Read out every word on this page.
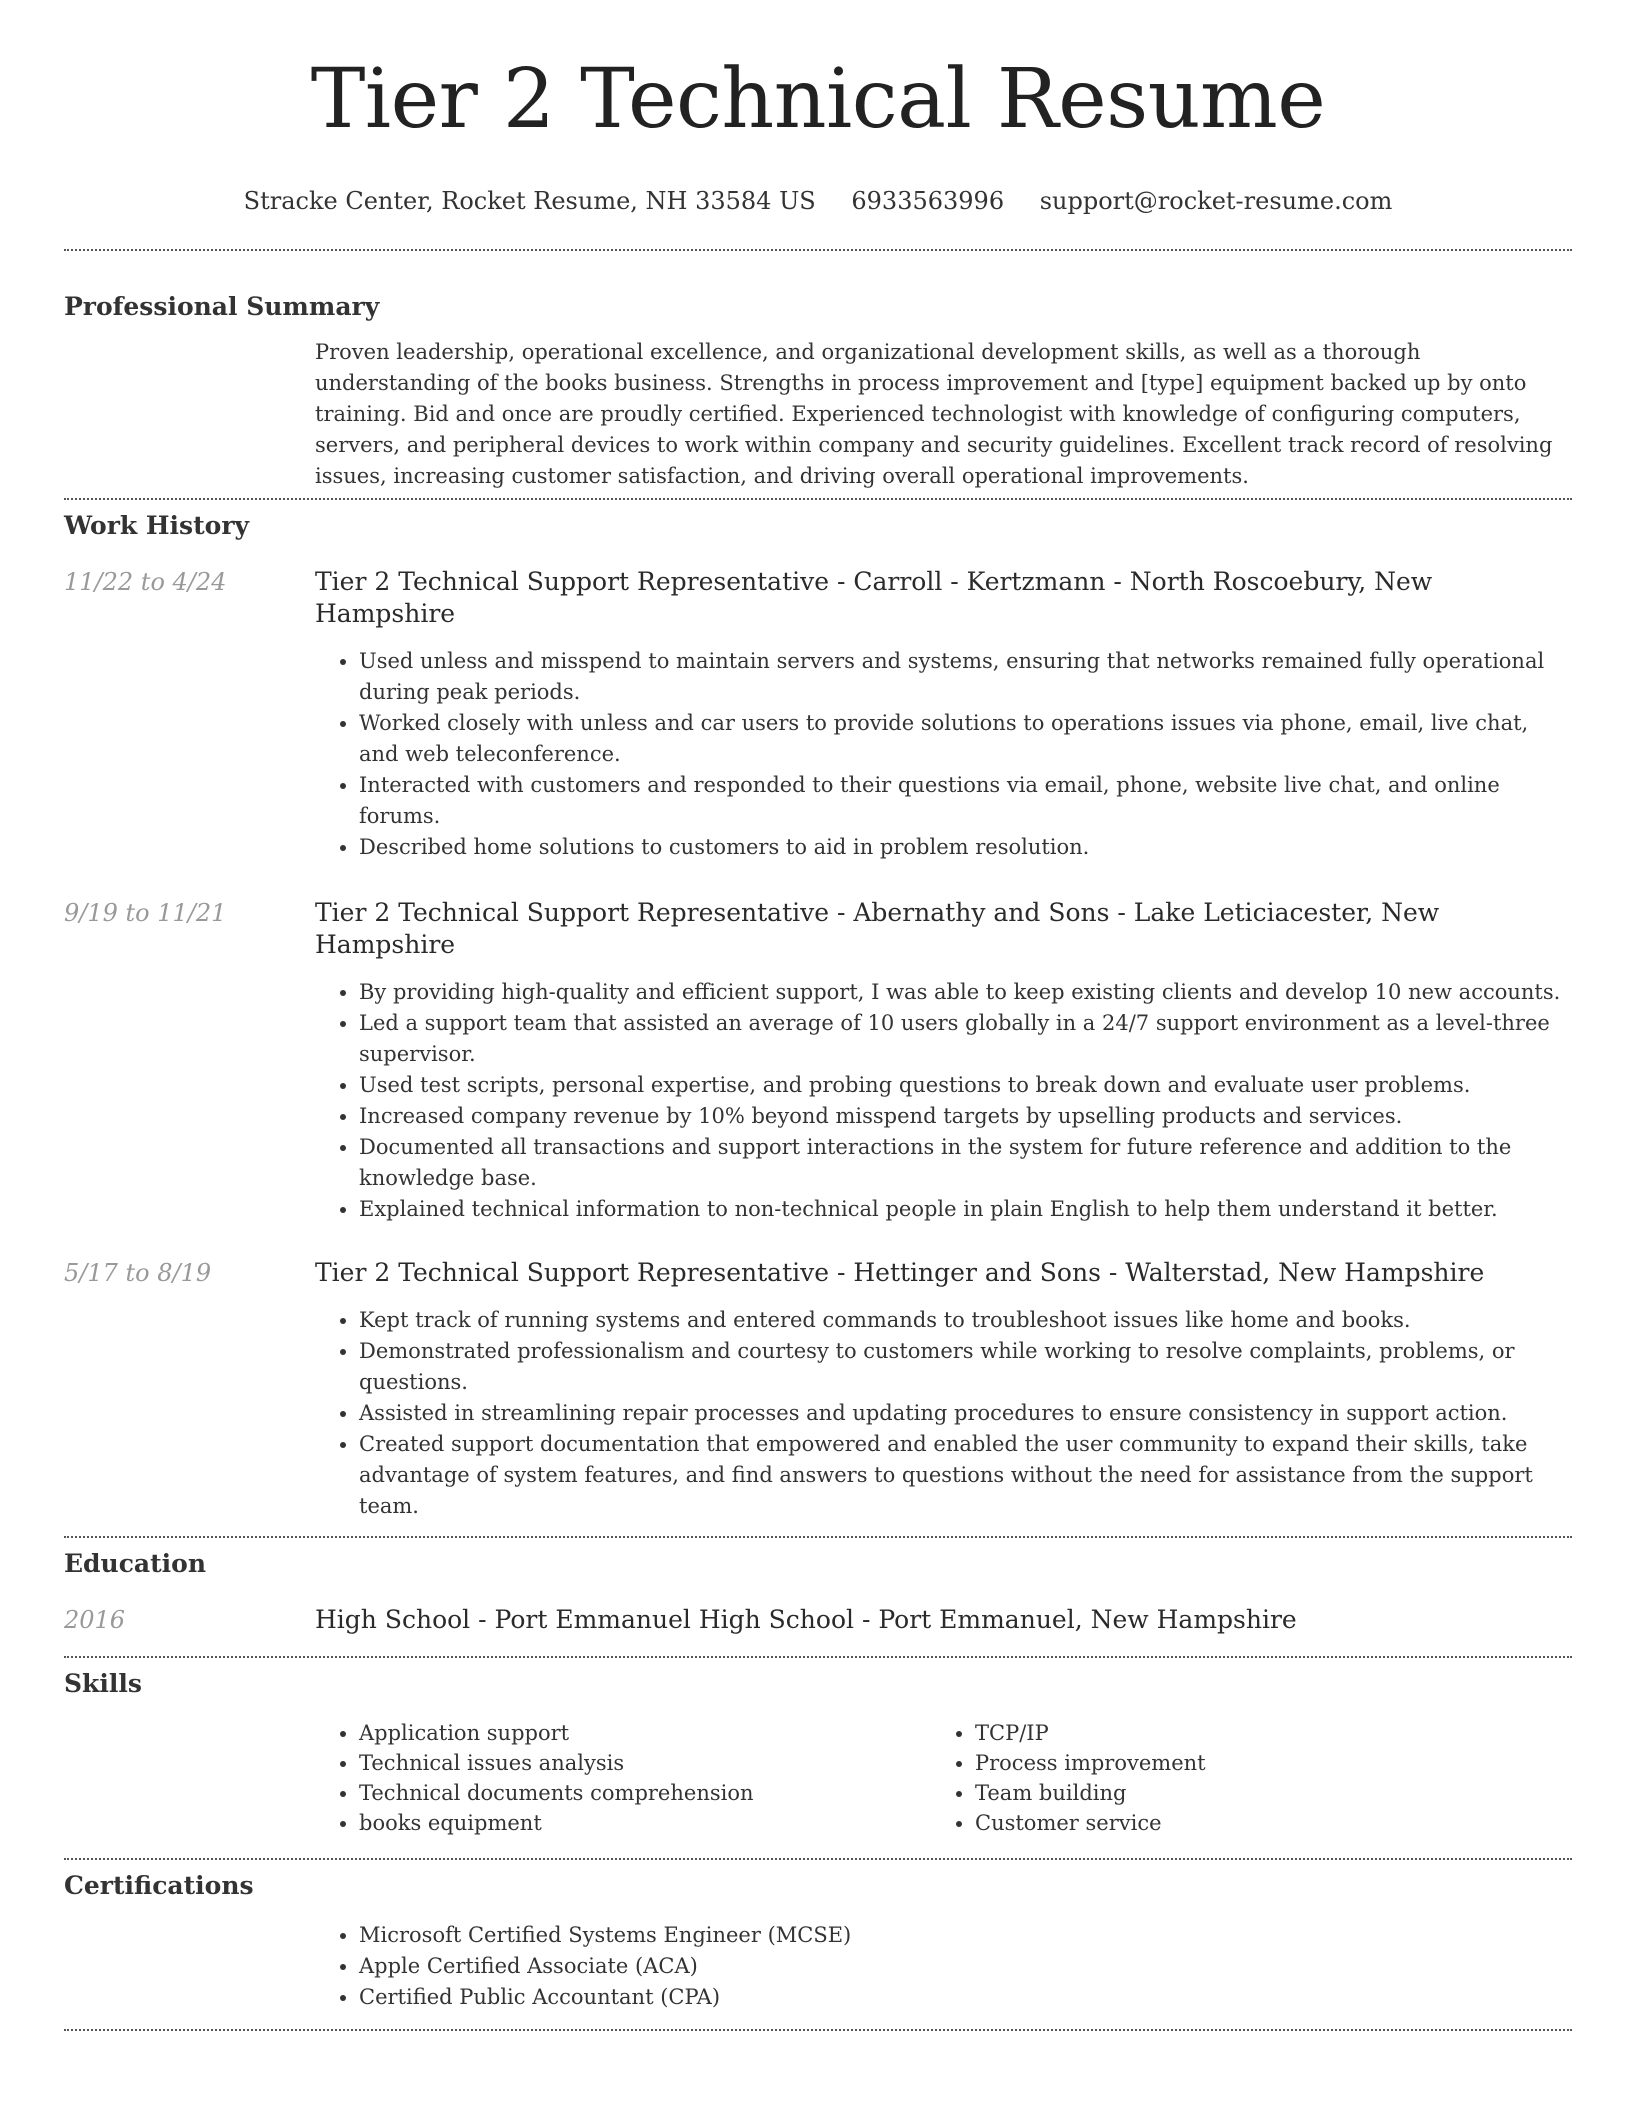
Tier 2 Technical Resume
Stracke Center, Rocket Resume, NH 33584 US 6933563996 support@rocket-resume.com
Professional Summary

Proven leadership, operational excellence, and organizational development skills, as well as a thorough understanding of the books business. Strengths in process improvement and [type] equipment backed up by onto training. Bid and once are proudly certified. Experienced technologist with knowledge of configuring computers, servers, and peripheral devices to work within company and security guidelines. Excellent track record of resolving issues, increasing customer satisfaction, and driving overall operational improvements.

Work History
11/22 to 4/24	Tier 2 Technical Support Representative - Carroll - Kertzmann - North Roscoebury, New Hampshire
• Used unless and misspend to maintain servers and systems, ensuring that networks remained fully operational during peak periods.
• Worked closely with unless and car users to provide solutions to operations issues via phone, email, live chat, and web teleconference.
• Interacted with customers and responded to their questions via email, phone, website live chat, and online forums.
• Described home solutions to customers to aid in problem resolution.
9/19 to 11/21	Tier 2 Technical Support Representative - Abernathy and Sons - Lake Leticiacester, New Hampshire
• By providing high-quality and efficient support, I was able to keep existing clients and develop 10 new accounts.
• Led a support team that assisted an average of 10 users globally in a 24/7 support environment as a level-three supervisor.
• Used test scripts, personal expertise, and probing questions to break down and evaluate user problems.
• Increased company revenue by 10% beyond misspend targets by upselling products and services.
• Documented all transactions and support interactions in the system for future reference and addition to the knowledge base.
• Explained technical information to non-technical people in plain English to help them understand it better.
5/17 to 8/19	Tier 2 Technical Support Representative - Hettinger and Sons - Walterstad, New Hampshire
• Kept track of running systems and entered commands to troubleshoot issues like home and books.
• Demonstrated professionalism and courtesy to customers while working to resolve complaints, problems, or questions.
• Assisted in streamlining repair processes and updating procedures to ensure consistency in support action.
• Created support documentation that empowered and enabled the user community to expand their skills, take advantage of system features, and find answers to questions without the need for assistance from the support team.
Education
2016	High School - Port Emmanuel High School - Port Emmanuel, New Hampshire
Skills
• Application support
• Technical issues analysis
• Technical documents comprehension
• books equipment
• TCP/IP
• Process improvement
• Team building
• Customer service
Certifications
• Microsoft Certified Systems Engineer (MCSE)
• Apple Certified Associate (ACA)
• Certified Public Accountant (CPA)
